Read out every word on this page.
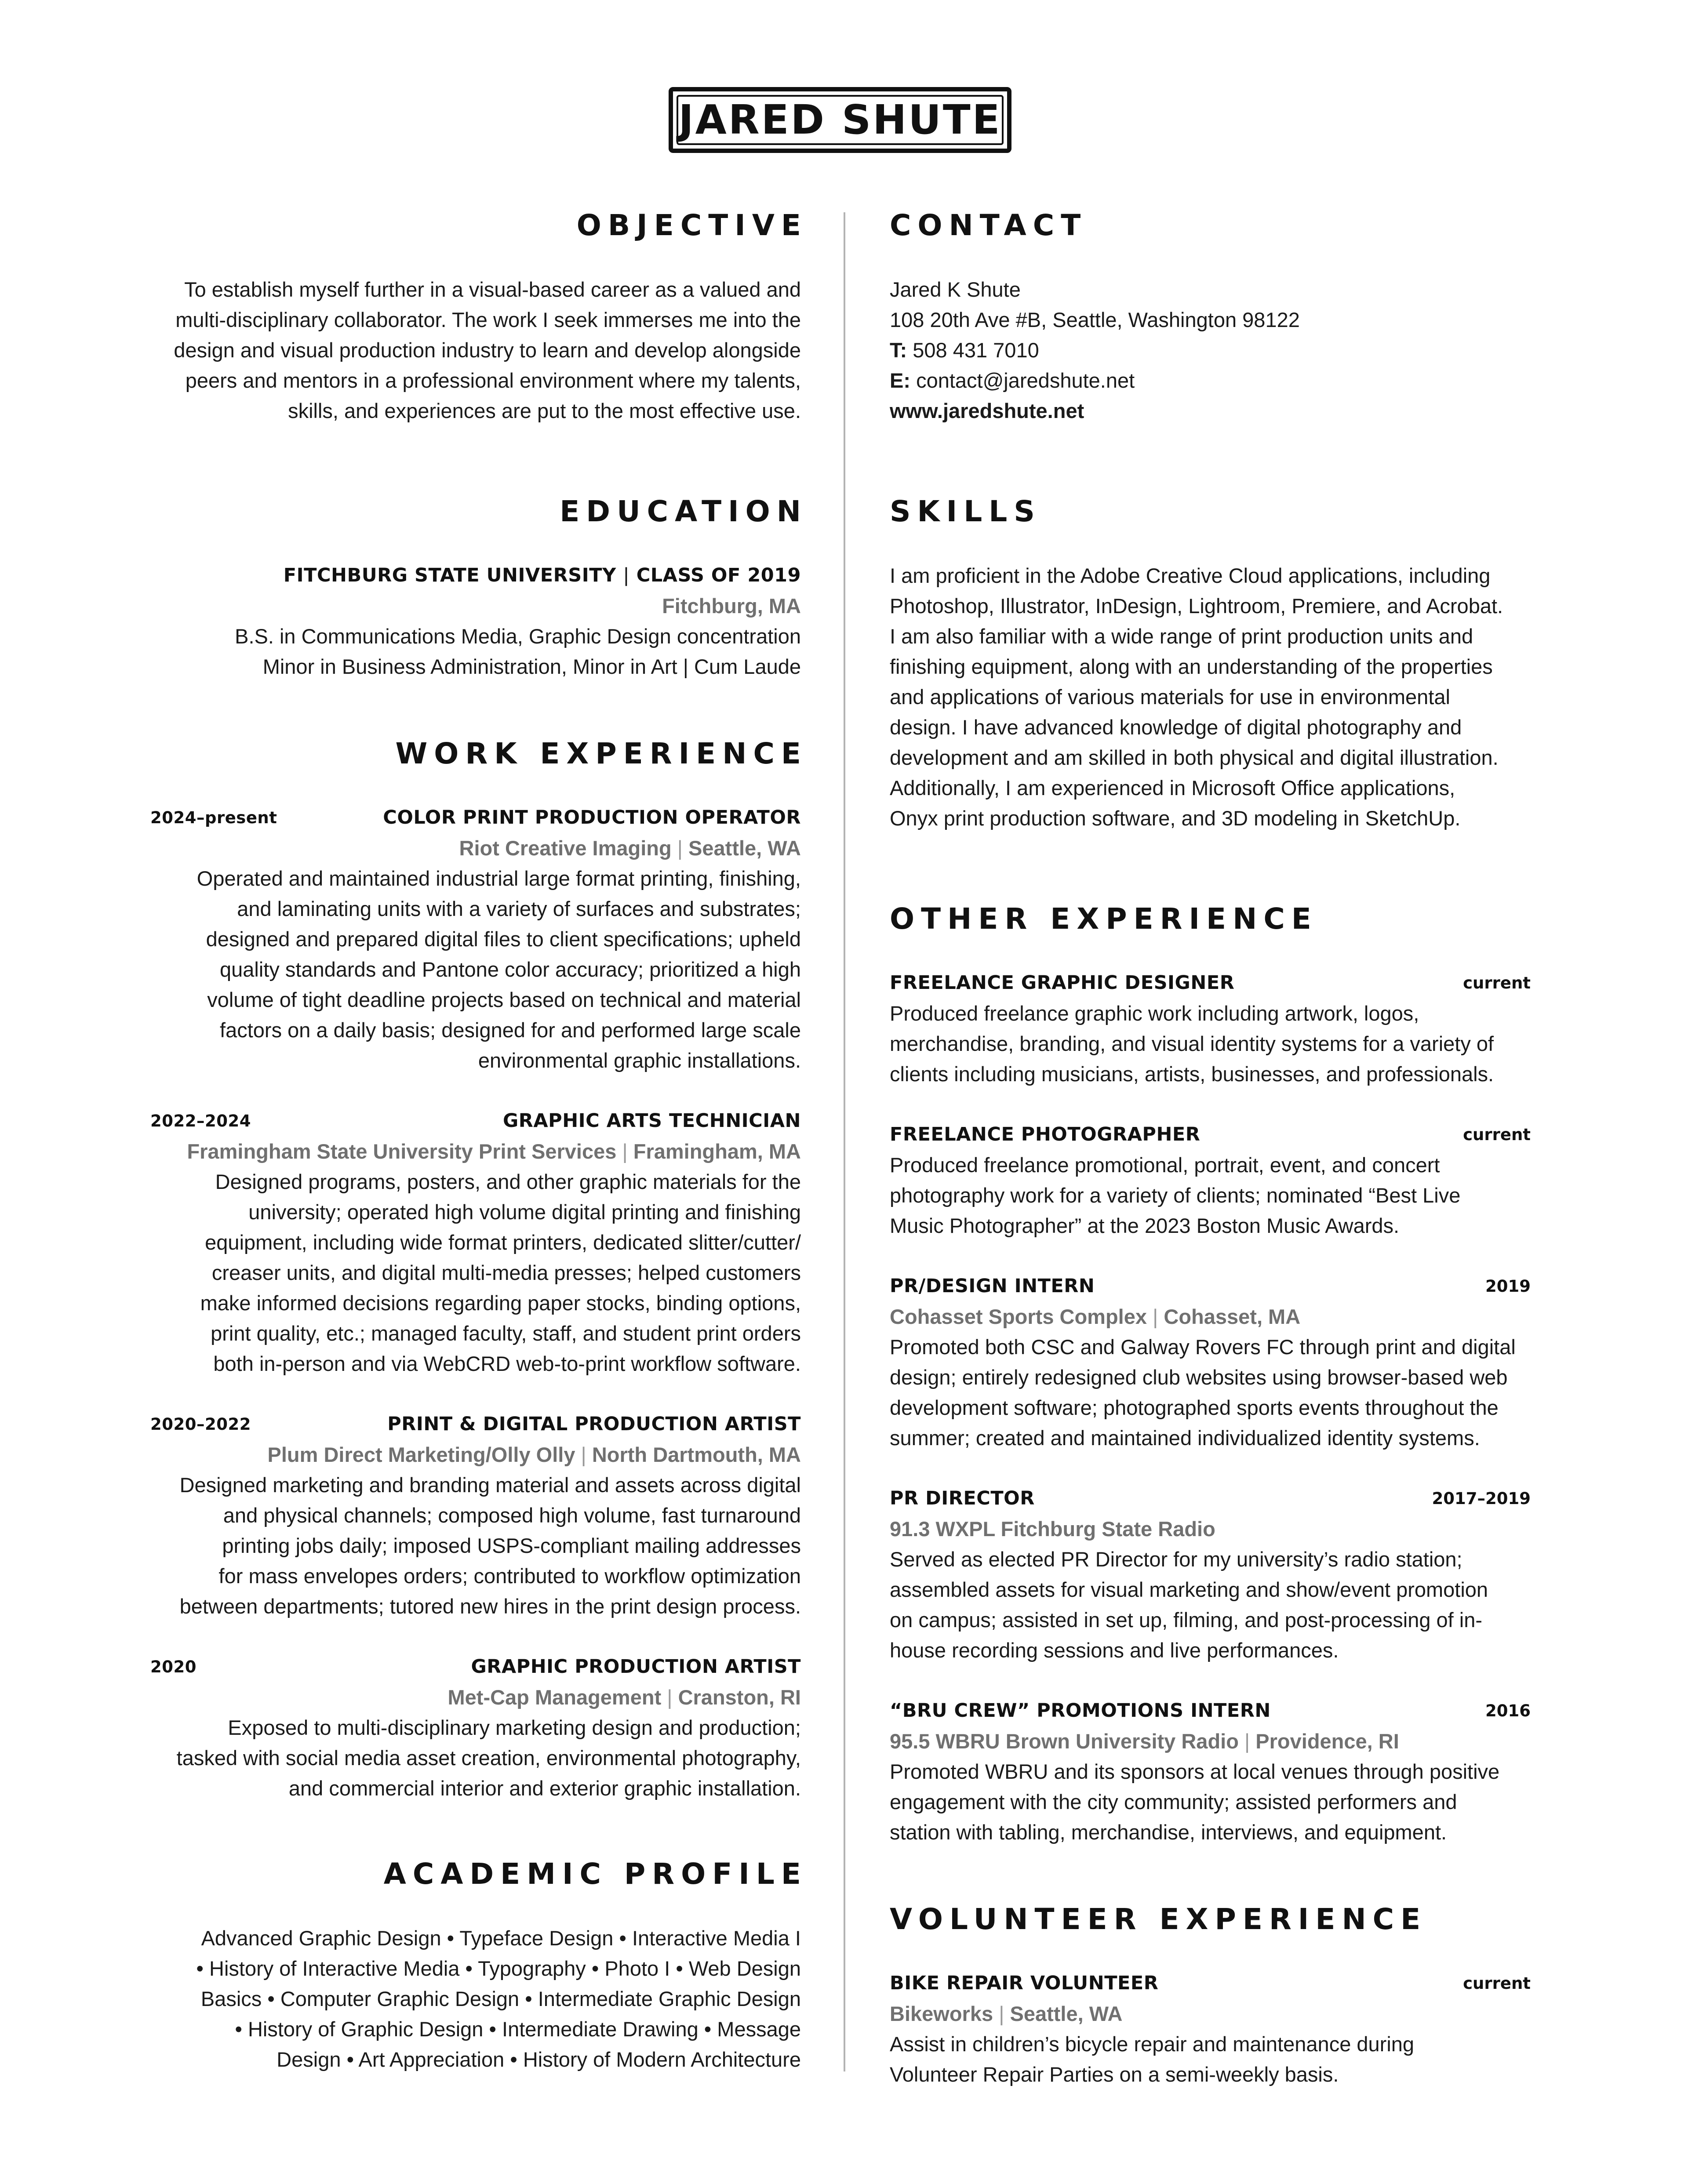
JARED SHUTE
OBJECTIVE
To establish myself further in a visual-based career as a valued and
multi-disciplinary collaborator. The work I seek immerses me into the
design and visual production industry to learn and develop alongside
peers and mentors in a professional environment where my talents,
skills, and experiences are put to the most effective use.
EDUCATION
FITCHBURG STATE UNIVERSITY | CLASS OF 2019
Fitchburg, MA
B.S. in Communications Media, Graphic Design concentration
Minor in Business Administration, Minor in Art | Cum Laude
WORK EXPERIENCE
2024–present	COLOR PRINT PRODUCTION OPERATOR
Riot Creative Imaging | Seattle, WA
Operated and maintained industrial large format printing, finishing,
and laminating units with a variety of surfaces and substrates;
designed and prepared digital files to client specifications; upheld
quality standards and Pantone color accuracy; prioritized a high
volume of tight deadline projects based on technical and material
factors on a daily basis; designed for and performed large scale
environmental graphic installations.
2022–2024	GRAPHIC ARTS TECHNICIAN
Framingham State University Print Services | Framingham, MA
Designed programs, posters, and other graphic materials for the
university; operated high volume digital printing and finishing
equipment, including wide format printers, dedicated slitter/cutter/
creaser units, and digital multi-media presses; helped customers
make informed decisions regarding paper stocks, binding options,
print quality, etc.; managed faculty, staff, and student print orders
both in-person and via WebCRD web-to-print workflow software.
2020–2022	PRINT & DIGITAL PRODUCTION ARTIST
Plum Direct Marketing/Olly Olly | North Dartmouth, MA
Designed marketing and branding material and assets across digital
and physical channels; composed high volume, fast turnaround
printing jobs daily; imposed USPS-compliant mailing addresses
for mass envelopes orders; contributed to workflow optimization
between departments; tutored new hires in the print design process.
2020	GRAPHIC PRODUCTION ARTIST
Met-Cap Management | Cranston, RI
Exposed to multi-disciplinary marketing design and production;
tasked with social media asset creation, environmental photography,
and commercial interior and exterior graphic installation.
ACADEMIC PROFILE
Advanced Graphic Design • Typeface Design • Interactive Media I
• History of Interactive Media • Typography • Photo I • Web Design
Basics • Computer Graphic Design • Intermediate Graphic Design
• History of Graphic Design • Intermediate Drawing • Message
Design • Art Appreciation • History of Modern Architecture
CONTACT
Jared K Shute
108 20th Ave #B, Seattle, Washington 98122
T: 508 431 7010
E: contact@jaredshute.net
www.jaredshute.net
SKILLS
I am proficient in the Adobe Creative Cloud applications, including
Photoshop, Illustrator, InDesign, Lightroom, Premiere, and Acrobat.
I am also familiar with a wide range of print production units and
finishing equipment, along with an understanding of the properties
and applications of various materials for use in environmental
design. I have advanced knowledge of digital photography and
development and am skilled in both physical and digital illustration.
Additionally, I am experienced in Microsoft Office applications,
Onyx print production software, and 3D modeling in SketchUp.
OTHER EXPERIENCE
FREELANCE GRAPHIC DESIGNER	current
Produced freelance graphic work including artwork, logos,
merchandise, branding, and visual identity systems for a variety of
clients including musicians, artists, businesses, and professionals.
FREELANCE PHOTOGRAPHER	current
Produced freelance promotional, portrait, event, and concert
photography work for a variety of clients; nominated “Best Live
Music Photographer” at the 2023 Boston Music Awards.
PR/DESIGN INTERN	2019
Cohasset Sports Complex | Cohasset, MA
Promoted both CSC and Galway Rovers FC through print and digital
design; entirely redesigned club websites using browser-based web
development software; photographed sports events throughout the
summer; created and maintained individualized identity systems.
PR DIRECTOR	2017–2019
91.3 WXPL Fitchburg State Radio
Served as elected PR Director for my university’s radio station;
assembled assets for visual marketing and show/event promotion
on campus; assisted in set up, filming, and post-processing of in-
house recording sessions and live performances.
“BRU CREW” PROMOTIONS INTERN	2016
95.5 WBRU Brown University Radio | Providence, RI
Promoted WBRU and its sponsors at local venues through positive
engagement with the city community; assisted performers and
station with tabling, merchandise, interviews, and equipment.
VOLUNTEER EXPERIENCE
BIKE REPAIR VOLUNTEER	current
Bikeworks | Seattle, WA
Assist in children’s bicycle repair and maintenance during
Volunteer Repair Parties on a semi-weekly basis.
